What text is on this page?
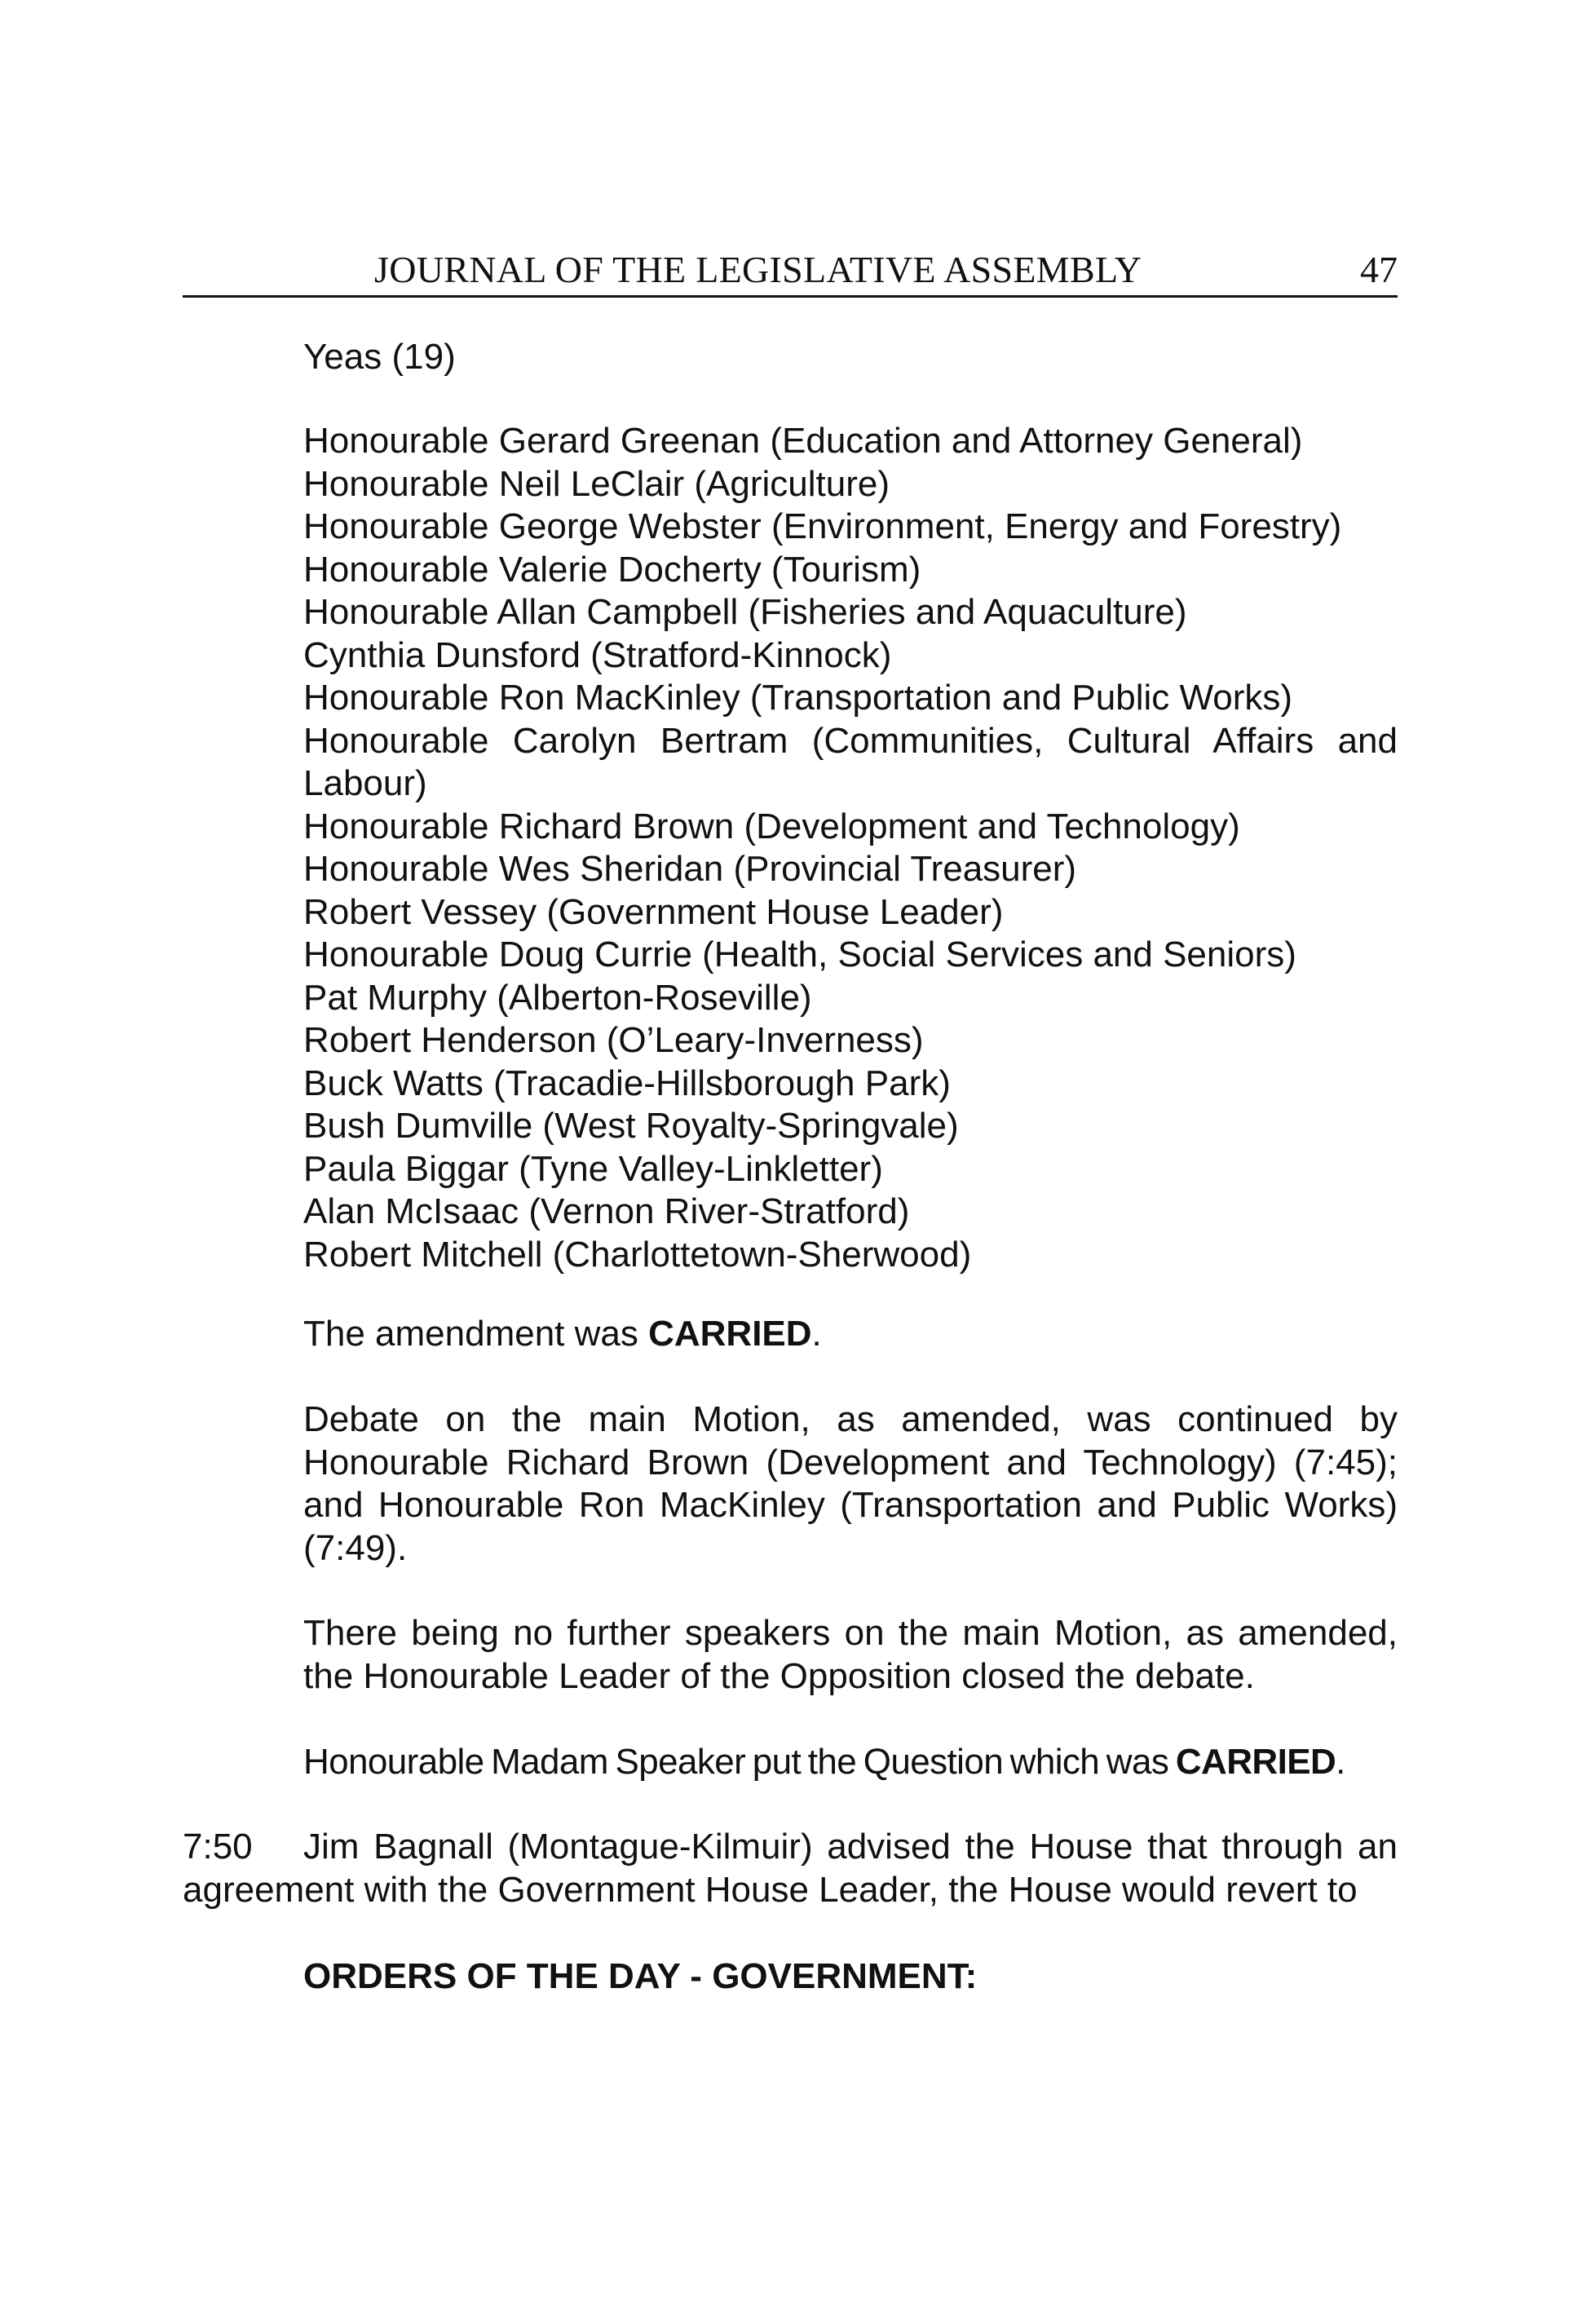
JOURNAL OF THE LEGISLATIVE ASSEMBLY	47
Yeas (19)
Honourable Gerard Greenan (Education and Attorney General)
Honourable Neil LeClair (Agriculture)
Honourable George Webster (Environment, Energy and Forestry)
Honourable Valerie Docherty (Tourism)
Honourable Allan Campbell (Fisheries and Aquaculture)
Cynthia Dunsford (Stratford-Kinnock)
Honourable Ron MacKinley (Transportation and Public Works)
Honourable Carolyn Bertram (Communities, Cultural Affairs and Labour)
Honourable Richard Brown (Development and Technology)
Honourable Wes Sheridan (Provincial Treasurer)
Robert Vessey (Government House Leader)
Honourable Doug Currie (Health, Social Services and Seniors)
Pat Murphy (Alberton-Roseville)
Robert Henderson (O’Leary-Inverness)
Buck Watts (Tracadie-Hillsborough Park)
Bush Dumville (West Royalty-Springvale)
Paula Biggar (Tyne Valley-Linkletter)
Alan McIsaac (Vernon River-Stratford)
Robert Mitchell (Charlottetown-Sherwood)

The amendment was CARRIED.

Debate on the main Motion, as amended, was continued by Honourable Richard Brown (Development and Technology) (7:45); and Honourable Ron MacKinley (Transportation and Public Works) (7:49).

There being no further speakers on the main Motion, as amended, the Honourable Leader of the Opposition closed the debate.

Honourable Madam Speaker put the Question which was CARRIED.

7:50 Jim Bagnall (Montague-Kilmuir) advised the House that through an agreement with the Government House Leader, the House would revert to

ORDERS OF THE DAY - GOVERNMENT:
